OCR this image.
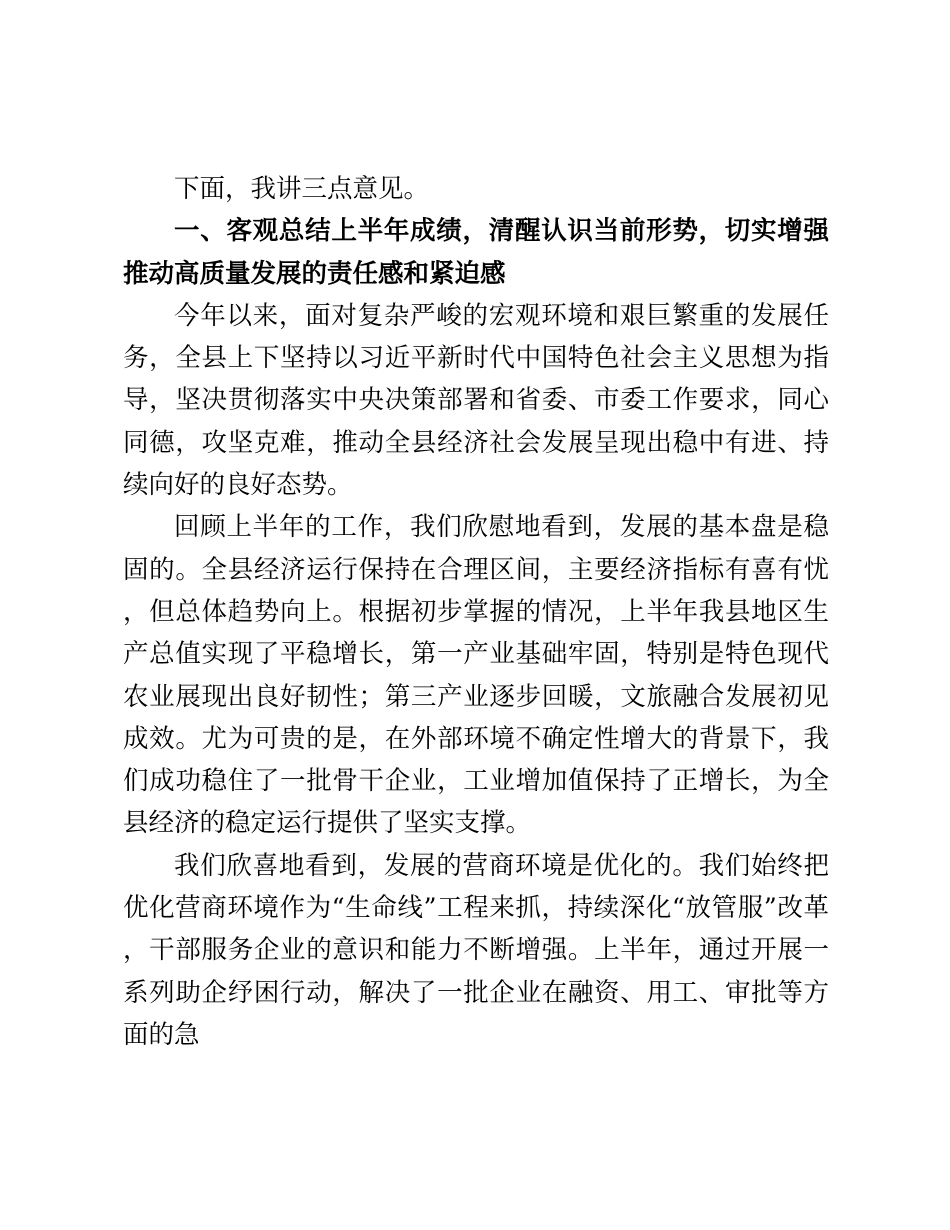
下面，我讲三点意见。

一、客观总结上半年成绩，清醒认识当前形势，切实增强推动高质量发展的责任感和紧迫感

今年以来，面对复杂严峻的宏观环境和艰巨繁重的发展任务，全县上下坚持以习近平新时代中国特色社会主义思想为指导，坚决贯彻落实中央决策部署和省委、市委工作要求，同心同德，攻坚克难，推动全县经济社会发展呈现出稳中有进、持续向好的良好态势。

回顾上半年的工作，我们欣慰地看到，发展的基本盘是稳固的。全县经济运行保持在合理区间，主要经济指标有喜有忧，但总体趋势向上。根据初步掌握的情况，上半年我县地区生产总值实现了平稳增长，第一产业基础牢固，特别是特色现代农业展现出良好韧性；第三产业逐步回暖，文旅融合发展初见成效。尤为可贵的是，在外部环境不确定性增大的背景下，我们成功稳住了一批骨干企业，工业增加值保持了正增长，为全县经济的稳定运行提供了坚实支撑。

我们欣喜地看到，发展的营商环境是优化的。我们始终把优化营商环境作为“生命线”工程来抓，持续深化“放管服”改革，干部服务企业的意识和能力不断增强。上半年，通过开展一系列助企纾困行动，解决了一批企业在融资、用工、审批等方面的急
